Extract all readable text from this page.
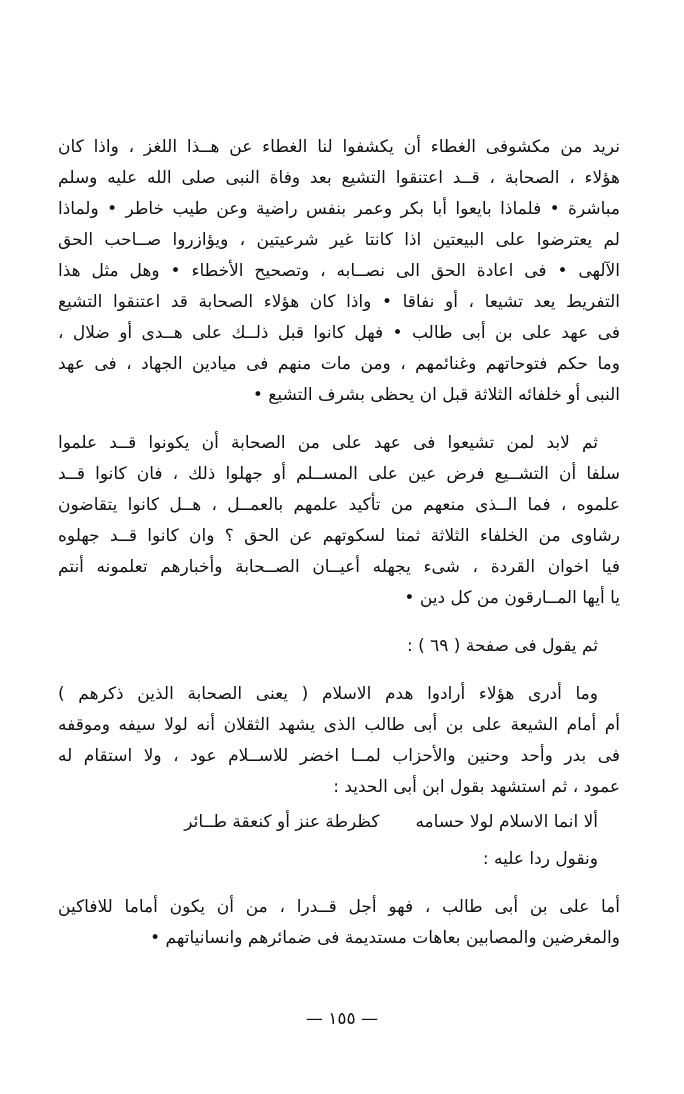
نريد من مكشوفى الغطاء أن يكشفوا لنا الغطاء عن هــذا اللغز ، واذا كان
هؤلاء ، الصحابة ، قــد اعتنقوا التشيع بعد وفاة النبى صلى الله عليه وسلم
مباشرة • فلماذا بايعوا أبا بكر وعمر بنفس راضية وعن طيب خاطر • ولماذا
لم يعترضوا على البيعتين اذا كانتا غير شرعيتين ، ويؤازروا صــاحب الحق
الآلهى • فى اعادة الحق الى نصــابه ، وتصحيح الأخطاء • وهل مثل هذا
التفريط يعد تشيعا ، أو نفاقا • واذا كان هؤلاء الصحابة قد اعتنقوا التشيع
فى عهد على بن أبى طالب • فهل كانوا قبل ذلــك على هــدى أو ضلال ،
وما حكم فتوحاتهم وغنائمهم ، ومن مات منهم فى ميادين الجهاد ، فى عهد
النبى أو خلفائه الثلاثة قبل ان يحظى بشرف التشيع •

ثم لابد لمن تشيعوا فى عهد على من الصحابة أن يكونوا قــد علموا
سلفا أن التشــيع فرض عين على المســلم أو جهلوا ذلك ، فان كانوا قــد
علموه ، فما الــذى منعهم من تأكيد علمهم بالعمــل ، هــل كانوا يتقاضون
رشاوى من الخلفاء الثلاثة ثمنا لسكوتهم عن الحق ؟ وان كانوا قــد جهلوه
فيا اخوان القردة ، شىء يجهله أعيــان الصــحابة وأخبارهم تعلمونه أنتم
يا أيها المــارقون من كل دين •

ثم يقول فى صفحة ( ٦٩ ) :

وما أدرى هؤلاء أرادوا هدم الاسلام ( يعنى الصحابة الذين ذكرهم )
أم أمام الشيعة على بن أبى طالب الذى يشهد الثقلان أنه لولا سيفه وموقفه
فى بدر وأحد وحنين والأحزاب لمــا اخضر للاســلام عود ، ولا استقام له
عمود ، ثم استشهد بقول ابن أبى الحديد :

ألا انما الاسلام لولا حسامه
كظرطة عنز أو كنعقة طــائر

ونقول ردا عليه :

أما على بن أبى طالب ، فهو أجل قــدرا ، من أن يكون أماما للافاكين
والمغرضين والمصابين بعاهات مستديمة فى ضمائرهم وانسانياتهم •

— ١٥٥ —
